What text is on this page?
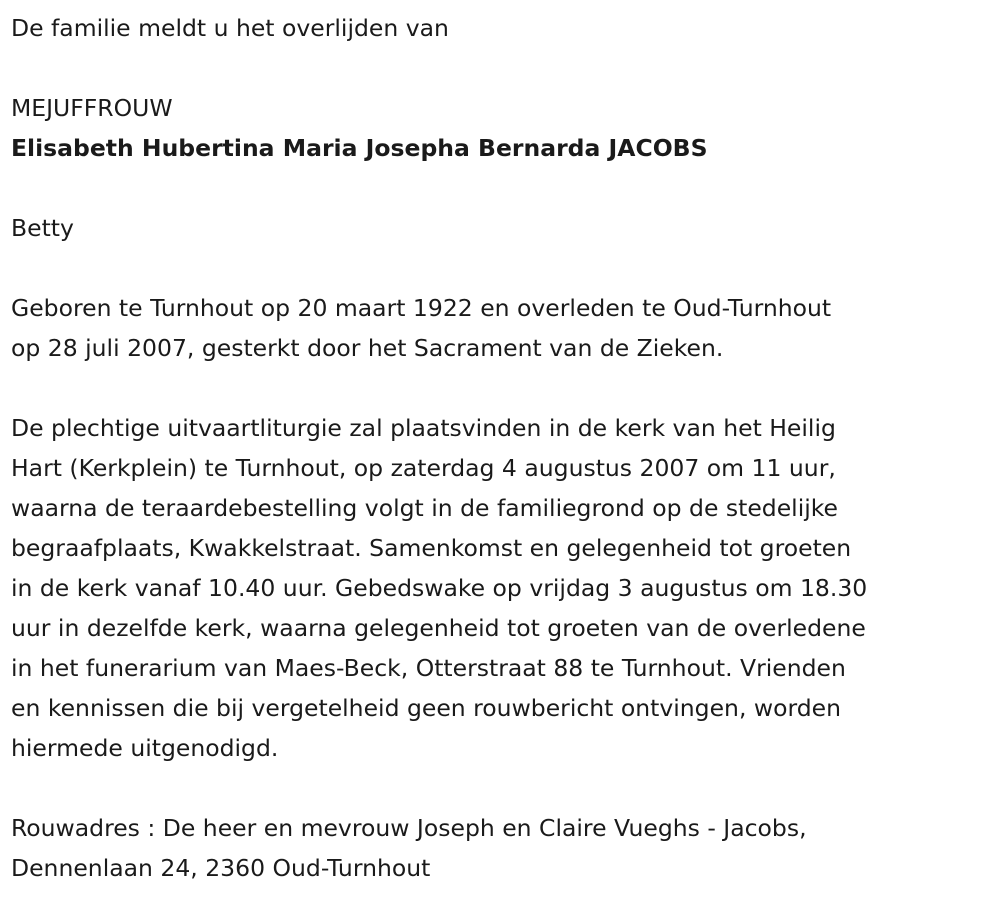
De familie meldt u het overlijden van

MEJUFFROUW

Elisabeth Hubertina Maria Josepha Bernarda JACOBS

Betty

Geboren te Turnhout op 20 maart 1922 en overleden te Oud-Turnhout
op 28 juli 2007, gesterkt door het Sacrament van de Zieken.

De plechtige uitvaartliturgie zal plaatsvinden in de kerk van het Heilig
Hart (Kerkplein) te Turnhout, op zaterdag 4 augustus 2007 om 11 uur,
waarna de teraardebestelling volgt in de familiegrond op de stedelijke
begraafplaats, Kwakkelstraat. Samenkomst en gelegenheid tot groeten
in de kerk vanaf 10.40 uur. Gebedswake op vrijdag 3 augustus om 18.30
uur in dezelfde kerk, waarna gelegenheid tot groeten van de overledene
in het funerarium van Maes-Beck, Otterstraat 88 te Turnhout. Vrienden
en kennissen die bij vergetelheid geen rouwbericht ontvingen, worden
hiermede uitgenodigd.

Rouwadres : De heer en mevrouw Joseph en Claire Vueghs - Jacobs,
Dennenlaan 24, 2360 Oud-Turnhout
